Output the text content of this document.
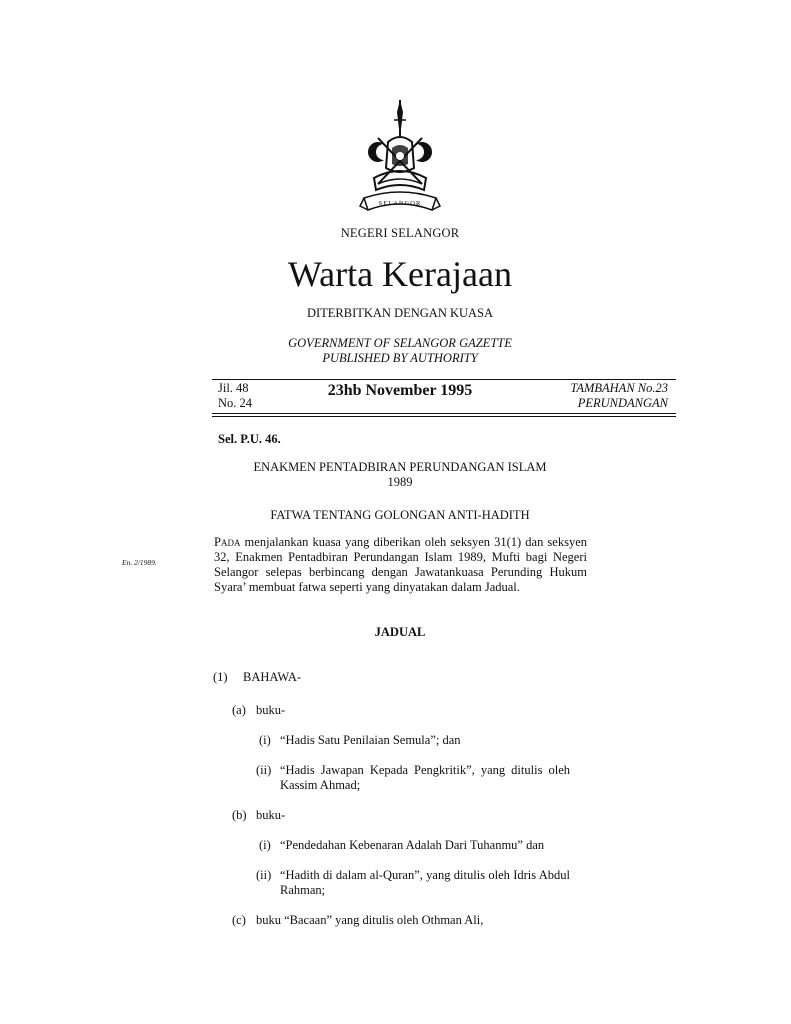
SELANGOR
NEGERI SELANGOR
Warta Kerajaan
DITERBITKAN DENGAN KUASA
GOVERNMENT OF SELANGOR GAZETTE
PUBLISHED BY AUTHORITY
Jil. 48
No. 24
23hb November 1995	TAMBAHAN No.23
PERUNDANGAN
Sel. P.U. 46.
ENAKMEN PENTADBIRAN PERUNDANGAN ISLAM
1989
FATWA TENTANG GOLONGAN ANTI-HADITH
En. 2/1989.
Pada menjalankan kuasa yang diberikan oleh seksyen 31(1) dan seksyen 32, Enakmen Pentadbiran Perundangan Islam 1989, Mufti bagi Negeri Selangor selepas berbincang dengan Jawatankuasa Perunding Hukum Syara’ membuat fatwa seperti yang dinyatakan dalam Jadual.
JADUAL
(1) BAHAWA-
(a) buku-
(i) “Hadis Satu Penilaian Semula”; dan
(ii) “Hadis Jawapan Kepada Pengkritik”, yang ditulis oleh Kassim Ahmad;
(b) buku-
(i) “Pendedahan Kebenaran Adalah Dari Tuhanmu” dan
(ii) “Hadith di dalam al-Quran”, yang ditulis oleh Idris Abdul Rahman;
(c) buku “Bacaan” yang ditulis oleh Othman Ali,
